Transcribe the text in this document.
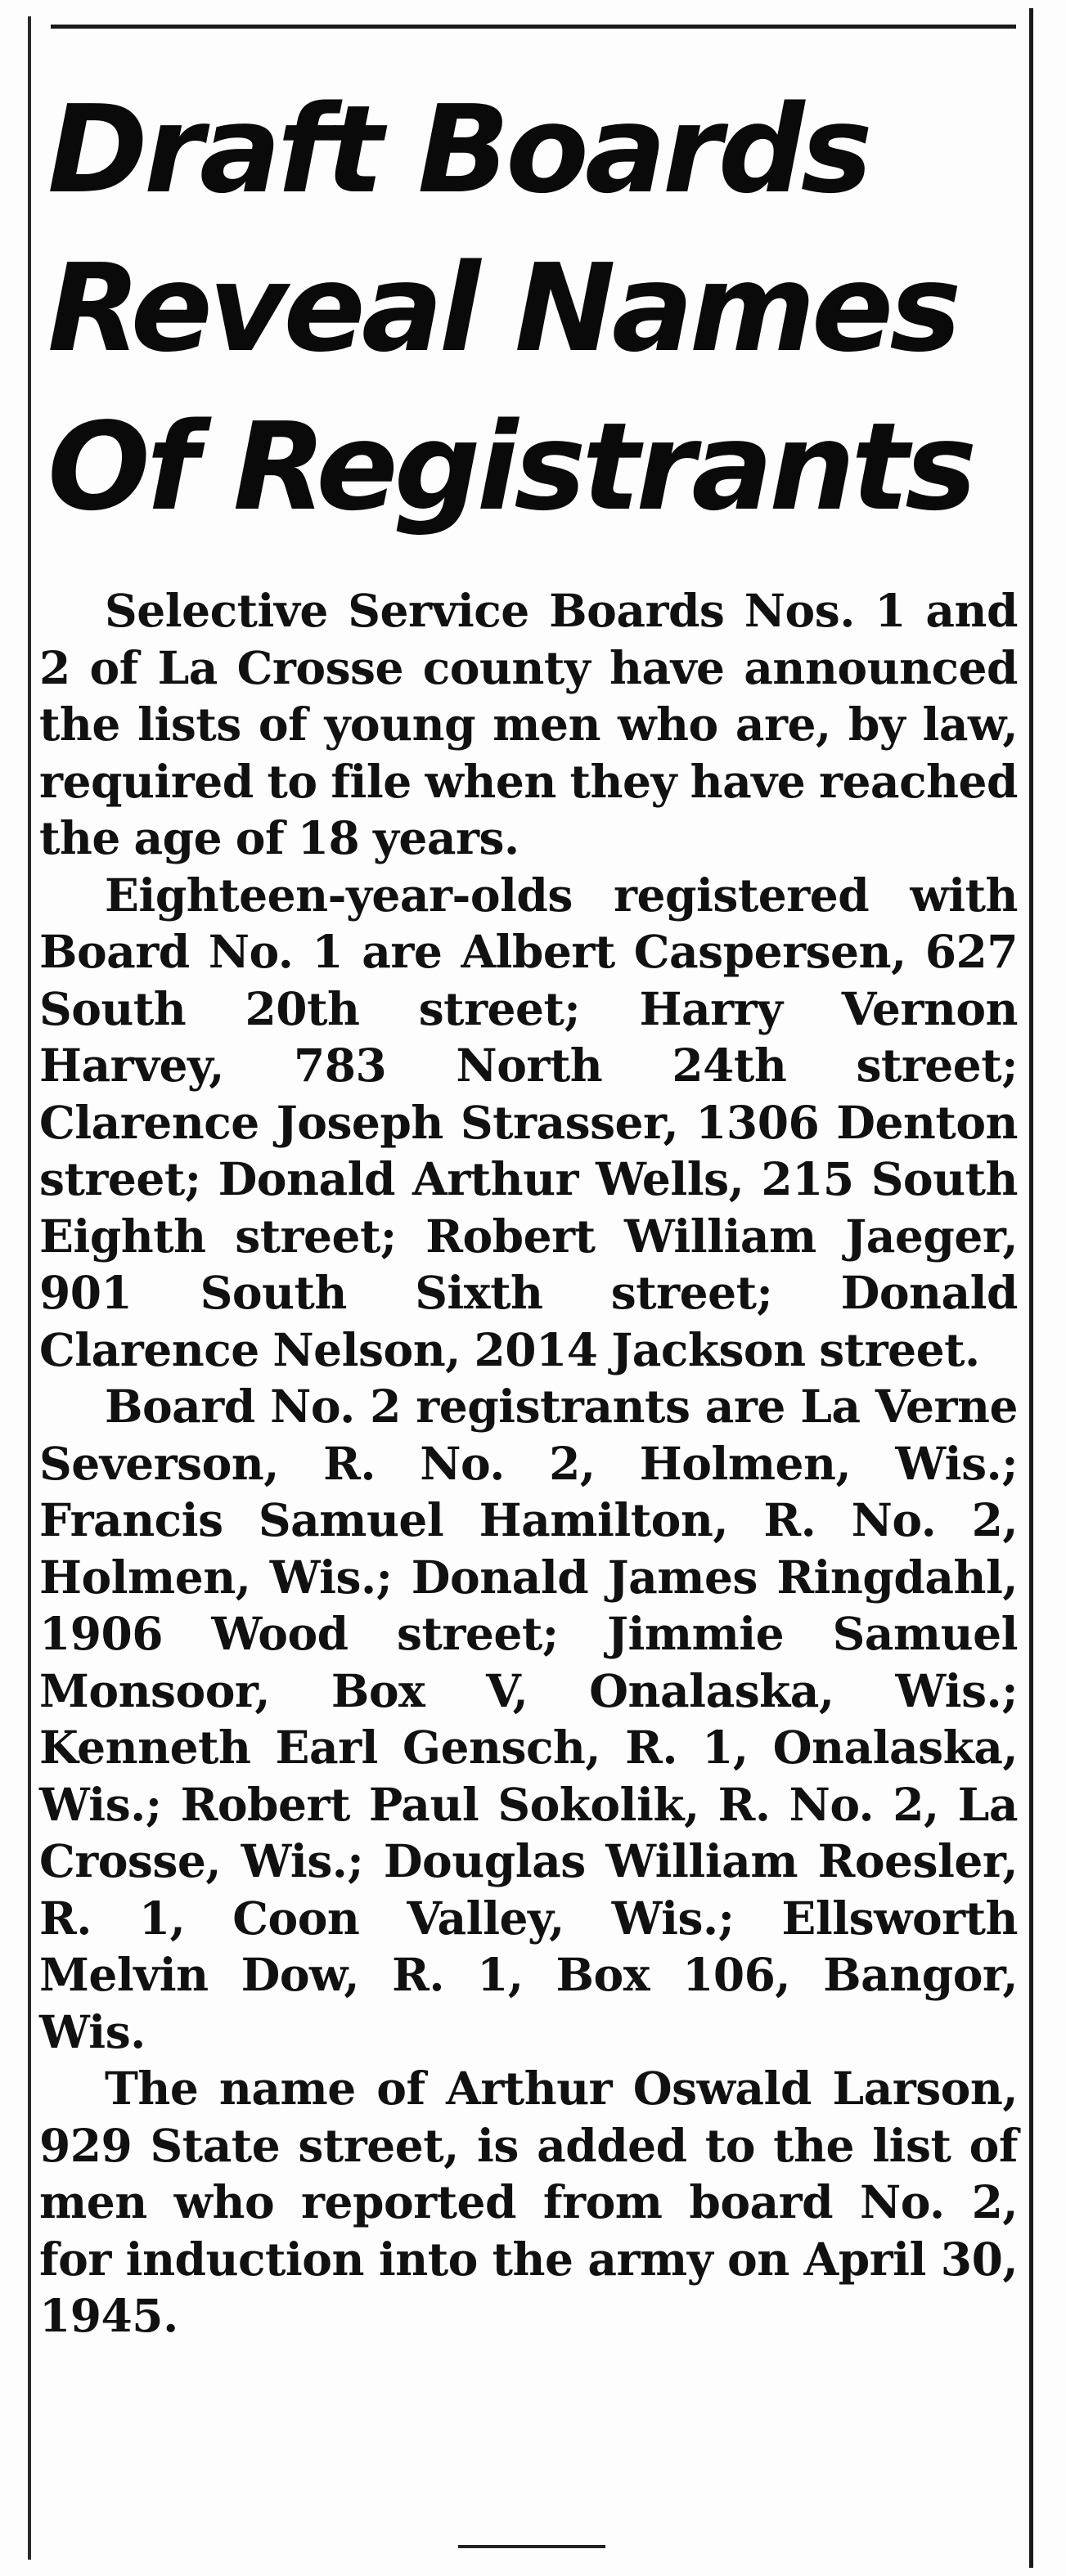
Draft Boards
Reveal Names
Of Registrants

Selective Service Boards Nos. 1 and 2 of La Crosse county have announced the lists of young men who are, by law, required to file when they have reached the age of 18 years.

Eighteen-year-olds registered with Board No. 1 are Albert Caspersen, 627 South 20th street; Harry Vernon Harvey, 783 North 24th street; Clarence Joseph Strasser, 1306 Denton street; Donald Arthur Wells, 215 South Eighth street; Robert William Jaeger, 901 South Sixth street; Donald Clarence Nelson, 2014 Jackson street.

Board No. 2 registrants are La Verne Severson, R. No. 2, Holmen, Wis.; Francis Samuel Hamilton, R. No. 2, Holmen, Wis.; Donald James Ringdahl, 1906 Wood street; Jimmie Samuel Monsoor, Box V, Onalaska, Wis.; Kenneth Earl Gensch, R. 1, Onalaska, Wis.; Robert Paul Sokolik, R. No. 2, La Crosse, Wis.; Douglas William Roesler, R. 1, Coon Valley, Wis.; Ellsworth Melvin Dow, R. 1, Box 106, Bangor, Wis.

The name of Arthur Oswald Larson, 929 State street, is added to the list of men who reported from board No. 2, for induction into the army on April 30, 1945.
